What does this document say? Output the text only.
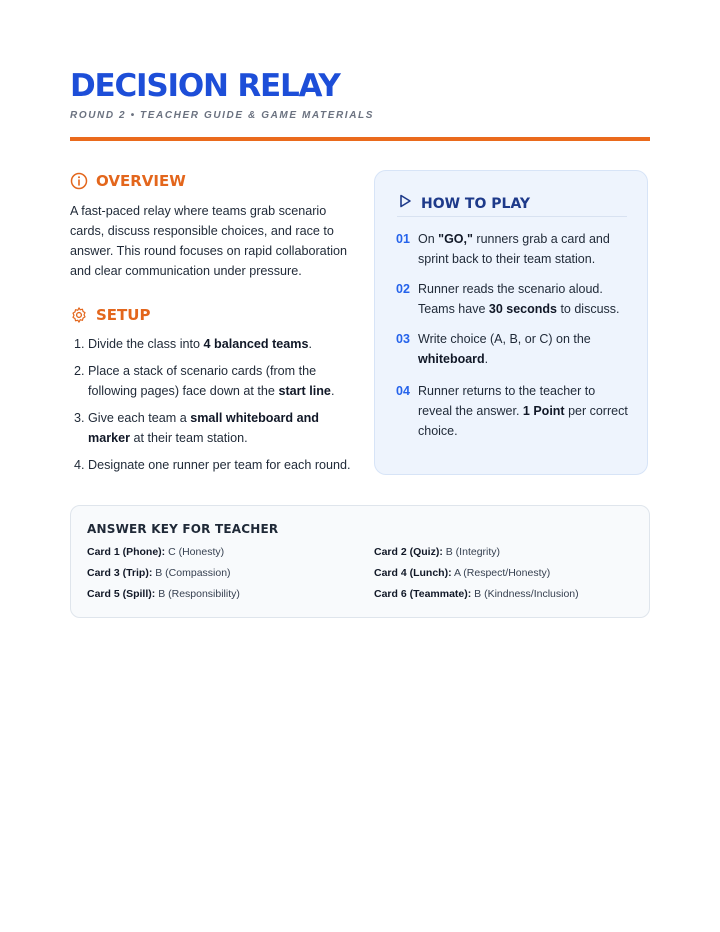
DECISION RELAY
ROUND 2 • TEACHER GUIDE & GAME MATERIALS
OVERVIEW
A fast-paced relay where teams grab scenario
cards, discuss responsible choices, and race to
answer. This round focuses on rapid collaboration
and clear communication under pressure.
SETUP
1. Divide the class into 4 balanced teams.
2. Place a stack of scenario cards (from the following pages) face down at the start line.
3. Give each team a small whiteboard and marker at their team station.
4. Designate one runner per team for each round.
HOW TO PLAY
01 On "GO," runners grab a card and sprint back to their team station.
02 Runner reads the scenario aloud. Teams have 30 seconds to discuss.
03 Write choice (A, B, or C) on the whiteboard.
04 Runner returns to the teacher to reveal the answer. 1 Point per correct choice.
ANSWER KEY FOR TEACHER
Card 1 (Phone): C (Honesty)	Card 2 (Quiz): B (Integrity)
Card 3 (Trip): B (Compassion)	Card 4 (Lunch): A (Respect/Honesty)
Card 5 (Spill): B (Responsibility)	Card 6 (Teammate): B (Kindness/Inclusion)
